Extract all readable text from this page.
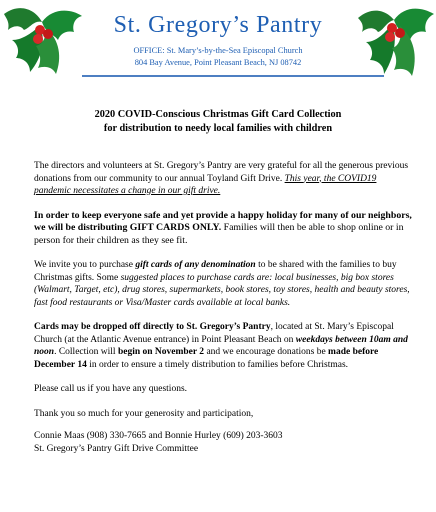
St. Gregory’s Pantry
OFFICE: St. Mary’s-by-the-Sea Episcopal Church
804 Bay Avenue, Point Pleasant Beach, NJ 08742
2020 COVID-Conscious Christmas Gift Card Collection
for distribution to needy local families with children

The directors and volunteers at St. Gregory’s Pantry are very grateful for all the generous previous donations from our community to our annual Toyland Gift Drive. This year, the COVID19 pandemic necessitates a change in our gift drive.

In order to keep everyone safe and yet provide a happy holiday for many of our neighbors, we will be distributing GIFT CARDS ONLY. Families will then be able to shop online or in person for their children as they see fit.

We invite you to purchase gift cards of any denomination to be shared with the families to buy Christmas gifts. Some suggested places to purchase cards are: local businesses, big box stores (Walmart, Target, etc), drug stores, supermarkets, book stores, toy stores, health and beauty stores, fast food restaurants or Visa/Master cards available at local banks.

Cards may be dropped off directly to St. Gregory’s Pantry, located at St. Mary’s Episcopal Church (at the Atlantic Avenue entrance) in Point Pleasant Beach on weekdays between 10am and noon. Collection will begin on November 2 and we encourage donations be made before December 14 in order to ensure a timely distribution to families before Christmas.

Please call us if you have any questions.

Thank you so much for your generosity and participation,

Connie Maas (908) 330-7665 and Bonnie Hurley (609) 203-3603
St. Gregory’s Pantry Gift Drive Committee
